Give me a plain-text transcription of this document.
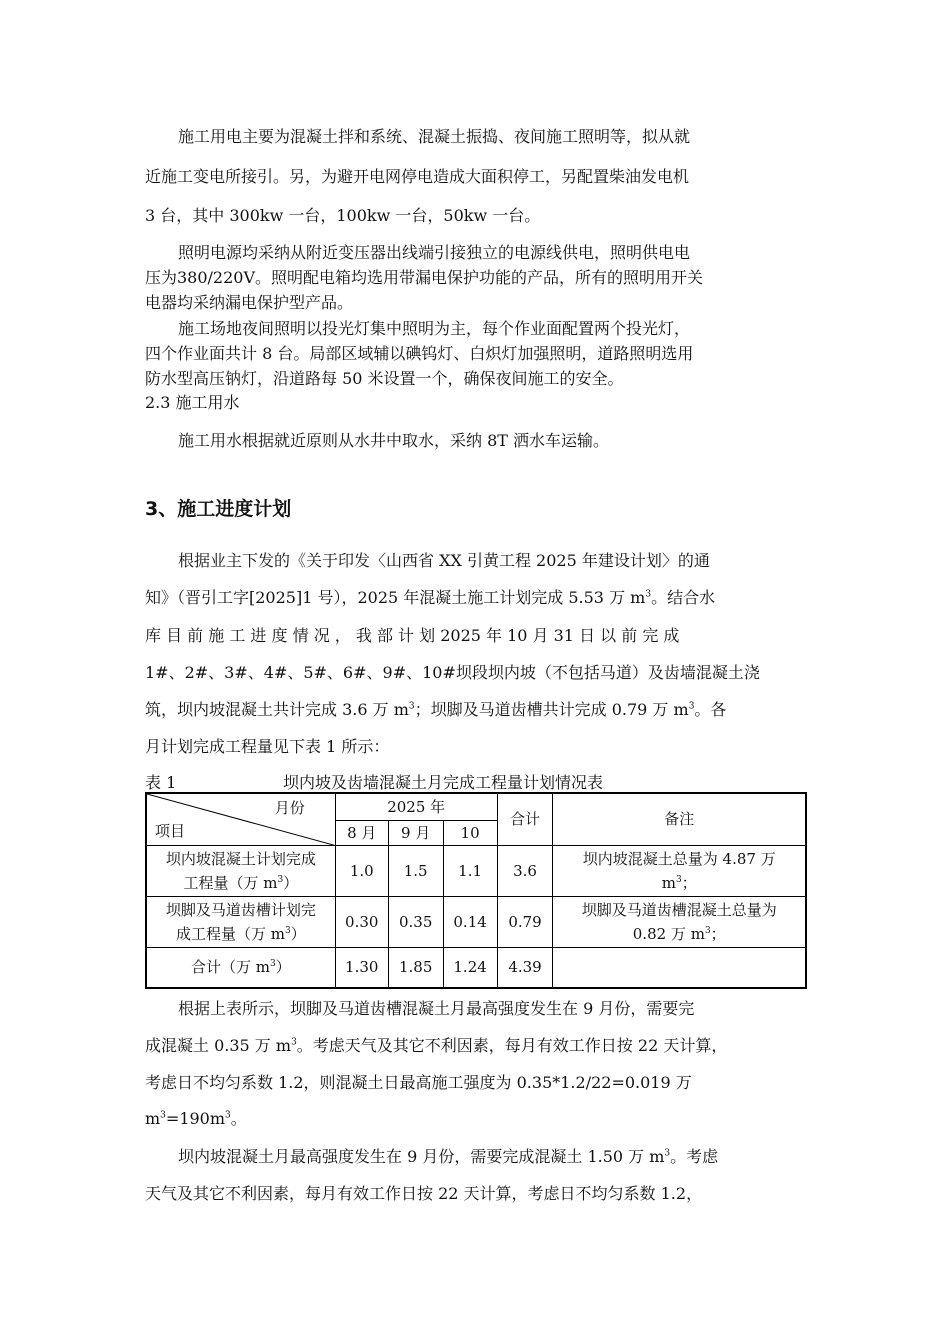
施工用电主要为混凝土拌和系统、混凝土振捣、夜间施工照明等，拟从就
近施工变电所接引。另，为避开电网停电造成大面积停工，另配置柴油发电机
3 台，其中 300kw 一台，100kw 一台，50kw 一台。
照明电源均采纳从附近变压器出线端引接独立的电源线供电，照明供电电
压为380/220V。照明配电箱均选用带漏电保护功能的产品，所有的照明用开关
电器均采纳漏电保护型产品。
施工场地夜间照明以投光灯集中照明为主，每个作业面配置两个投光灯，
四个作业面共计 8 台。局部区域辅以碘钨灯、白炽灯加强照明，道路照明选用
防水型高压钠灯，沿道路每 50 米设置一个，确保夜间施工的安全。
2.3 施工用水
施工用水根据就近原则从水井中取水，采纳 8T 洒水车运输。
3、施工进度计划
根据业主下发的《关于印发〈山西省 XX 引黄工程 2025 年建设计划〉的通
知》（晋引工字[2025]1 号），2025 年混凝土施工计划完成 5.53 万 $m^3$。结合水
库 目 前 施 工 进 度 情 况 ， 我 部 计 划 2025 年 10 月 31 日 以 前 完 成
1#、2#、3#、4#、5#、6#、9#、10#坝段坝内坡（不包括马道）及齿墙混凝土浇
筑，坝内坡混凝土共计完成 3.6 万 $m^3$；坝脚及马道齿槽共计完成 0.79 万 $m^3$。各
月计划完成工程量见下表 1 所示：
表 1	坝内坡及齿墙混凝土月完成工程量计划情况表
月份
项目	2025 年			合计	备注
	8 月	9 月	10		
坝内坡混凝土计划完成
工程量（万 $m^3$）	1.0	1.5	1.1	3.6	坝内坡混凝土总量为 4.87 万
$m^3$；
坝脚及马道齿槽计划完
成工程量（万 $m^3$）	0.30	0.35	0.14	0.79	坝脚及马道齿槽混凝土总量为
0.82 万 $m^3$；
合计（万 $m^3$）	1.30	1.85	1.24	4.39	
根据上表所示，坝脚及马道齿槽混凝土月最高强度发生在 9 月份，需要完
成混凝土 0.35 万 $m^3$。考虑天气及其它不利因素，每月有效工作日按 22 天计算，
考虑日不均匀系数 1.2，则混凝土日最高施工强度为 0.35*1.2/22=0.019 万
$m^3=190m^3$。
坝内坡混凝土月最高强度发生在 9 月份，需要完成混凝土 1.50 万 $m^3$。考虑
天气及其它不利因素，每月有效工作日按 22 天计算，考虑日不均匀系数 1.2，
